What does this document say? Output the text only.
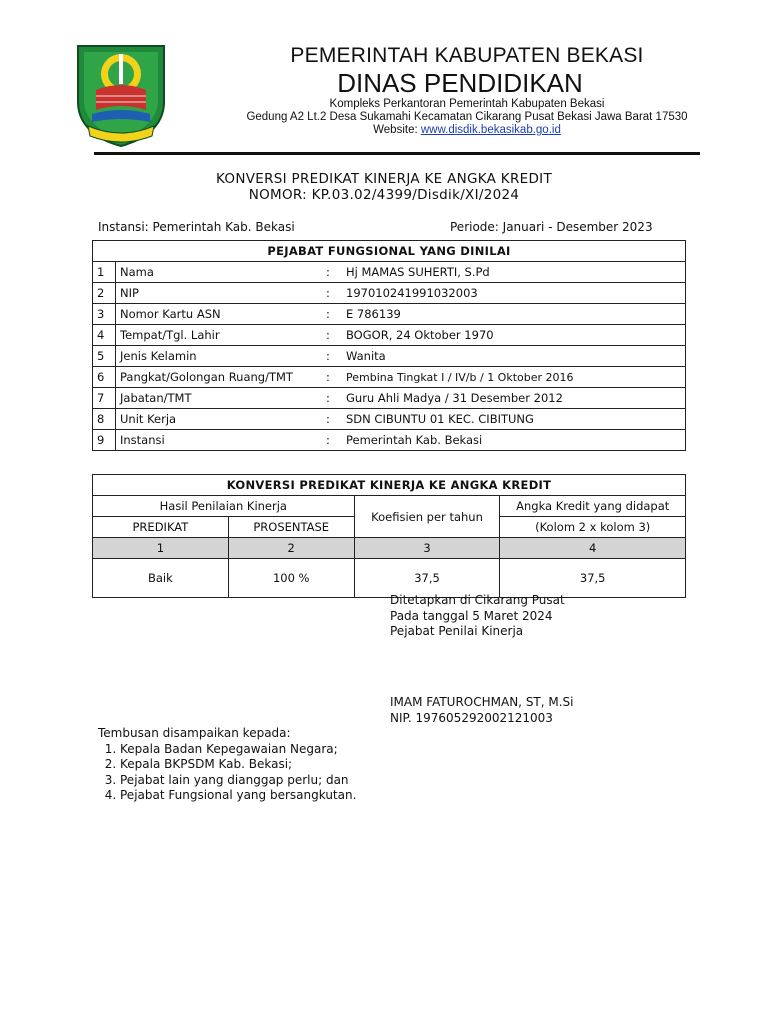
PEMERINTAH KABUPATEN BEKASI
DINAS PENDIDIKAN
Kompleks Perkantoran Pemerintah Kabupaten Bekasi
Gedung A2 Lt.2 Desa Sukamahi Kecamatan Cikarang Pusat Bekasi Jawa Barat 17530
Website: www.disdik.bekasikab.go.id
KONVERSI PREDIKAT KINERJA KE ANGKA KREDIT
NOMOR: KP.03.02/4399/Disdik/XI/2024
Instansi: Pemerintah Kab. Bekasi	Periode: Januari - Desember 2023
PEJABAT FUNGSIONAL YANG DINILAI			
1	Nama	:	Hj MAMAS SUHERTI, S.Pd
2	NIP	:	197010241991032003
3	Nomor Kartu ASN	:	E 786139
4	Tempat/Tgl. Lahir	:	BOGOR, 24 Oktober 1970
5	Jenis Kelamin	:	Wanita
6	Pangkat/Golongan Ruang/TMT	:	Pembina Tingkat I / IV/b / 1 Oktober 2016
7	Jabatan/TMT	:	Guru Ahli Madya / 31 Desember 2012
8	Unit Kerja	:	SDN CIBUNTU 01 KEC. CIBITUNG
9	Instansi	:	Pemerintah Kab. Bekasi
KONVERSI PREDIKAT KINERJA KE ANGKA KREDIT			
Hasil Penilaian Kinerja		Koefisien per tahun	Angka Kredit yang didapat
PREDIKAT	PROSENTASE		(Kolom 2 x kolom 3)
1	2	3	4
Baik	100 %	37,5	37,5
Ditetapkan di Cikarang Pusat
Pada tanggal 5 Maret 2024
Pejabat Penilai Kinerja
IMAM FATUROCHMAN, ST, M.Si
NIP. 197605292002121003
Tembusan disampaikan kepada:
1. Kepala Badan Kepegawaian Negara;
2. Kepala BKPSDM Kab. Bekasi;
3. Pejabat lain yang dianggap perlu; dan
4. Pejabat Fungsional yang bersangkutan.
